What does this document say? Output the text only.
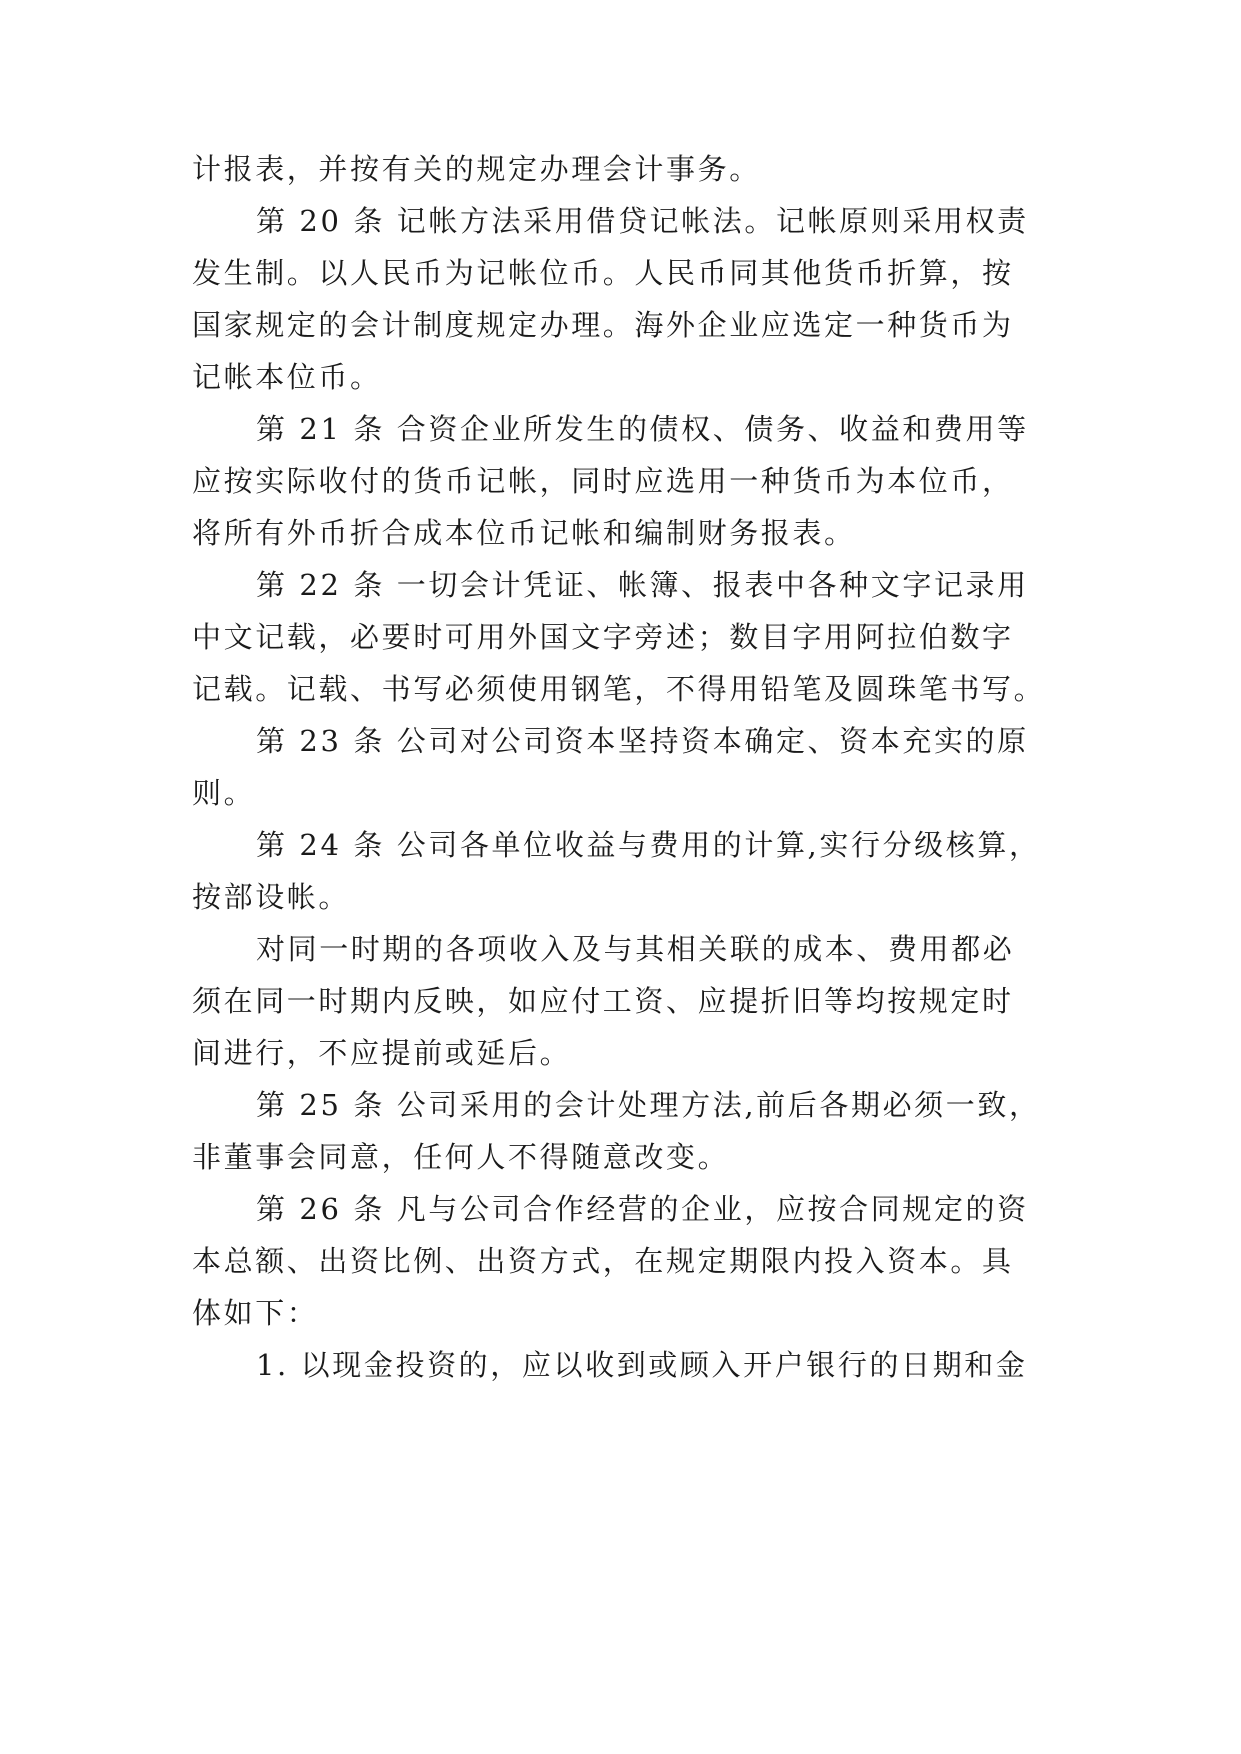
计报表，并按有关的规定办理会计事务。
第 20 条 记帐方法采用借贷记帐法。记帐原则采用权责
发生制。以人民币为记帐位币。人民币同其他货币折算，按
国家规定的会计制度规定办理。海外企业应选定一种货币为
记帐本位币。
第 21 条 合资企业所发生的债权、债务、收益和费用等
应按实际收付的货币记帐，同时应选用一种货币为本位币，
将所有外币折合成本位币记帐和编制财务报表。
第 22 条 一切会计凭证、帐簿、报表中各种文字记录用
中文记载，必要时可用外国文字旁述；数目字用阿拉伯数字
记载。记载、书写必须使用钢笔，不得用铅笔及圆珠笔书写。
第 23 条 公司对公司资本坚持资本确定、资本充实的原
则。
第 24 条 公司各单位收益与费用的计算,实行分级核算，
按部设帐。
对同一时期的各项收入及与其相关联的成本、费用都必
须在同一时期内反映，如应付工资、应提折旧等均按规定时
间进行，不应提前或延后。
第 25 条 公司采用的会计处理方法,前后各期必须一致，
非董事会同意，任何人不得随意改变。
第 26 条 凡与公司合作经营的企业，应按合同规定的资
本总额、出资比例、出资方式，在规定期限内投入资本。具
体如下：
1. 以现金投资的，应以收到或顾入开户银行的日期和金
